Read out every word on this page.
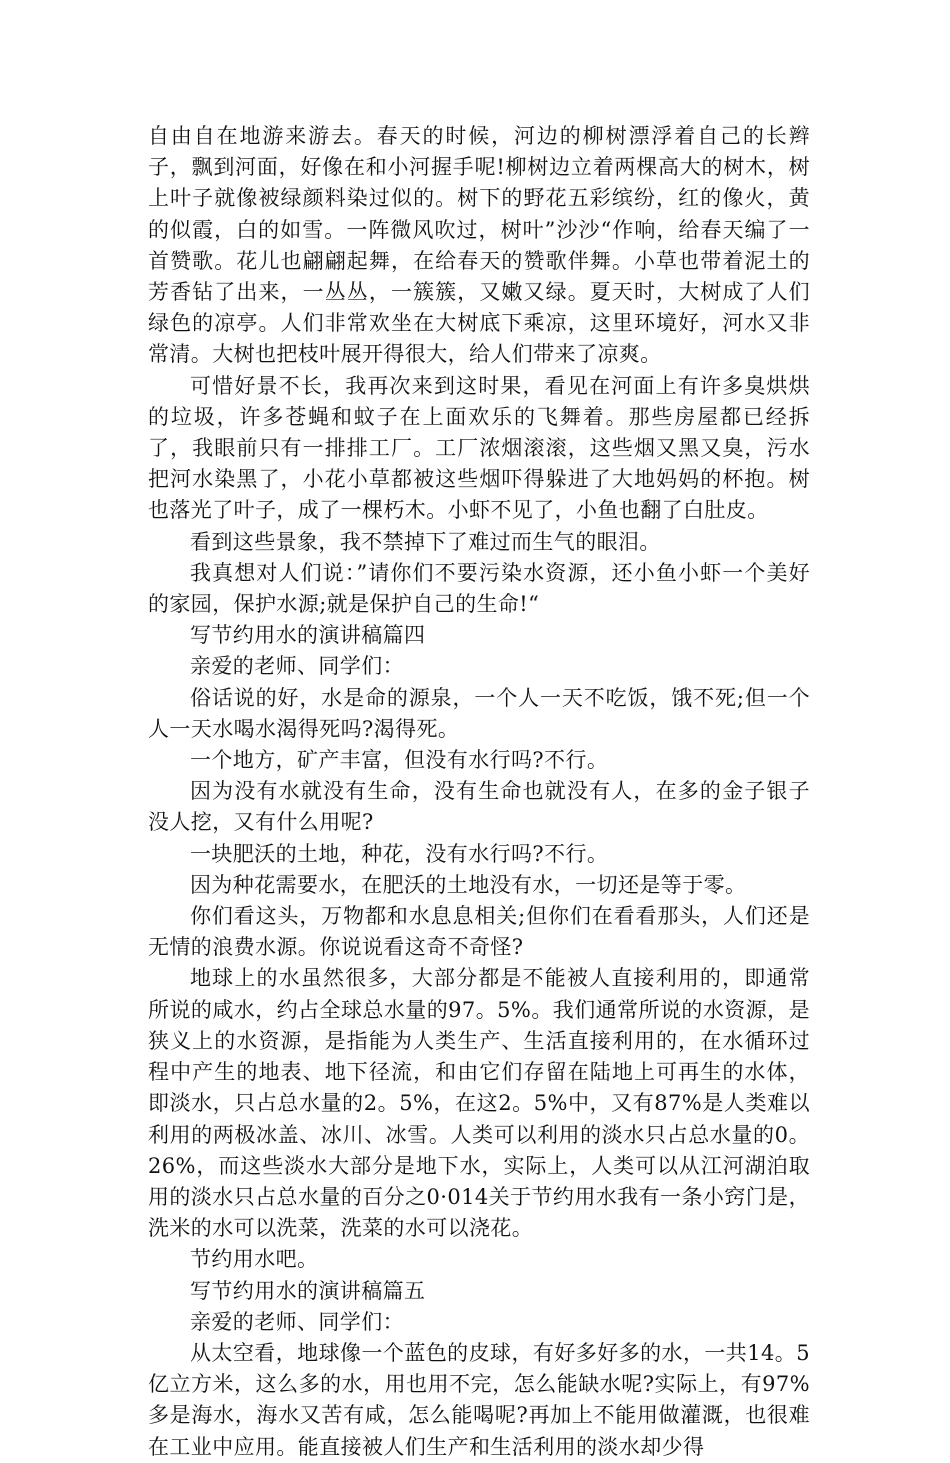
自由自在地游来游去。春天的时候，河边的柳树漂浮着自己的长辫子，飘到河面，好像在和小河握手呢!柳树边立着两棵高大的树木，树上叶子就像被绿颜料染过似的。树下的野花五彩缤纷，红的像火，黄的似霞，白的如雪。一阵微风吹过，树叶”沙沙“作响，给春天编了一首赞歌。花儿也翩翩起舞，在给春天的赞歌伴舞。小草也带着泥土的芳香钻了出来，一丛丛，一簇簇，又嫩又绿。夏天时，大树成了人们绿色的凉亭。人们非常欢坐在大树底下乘凉，这里环境好，河水又非常清。大树也把枝叶展开得很大，给人们带来了凉爽。

可惜好景不长，我再次来到这时果，看见在河面上有许多臭烘烘的垃圾，许多苍蝇和蚊子在上面欢乐的飞舞着。那些房屋都已经拆了，我眼前只有一排排工厂。工厂浓烟滚滚，这些烟又黑又臭，污水把河水染黑了，小花小草都被这些烟吓得躲进了大地妈妈的杯抱。树也落光了叶子，成了一棵朽木。小虾不见了，小鱼也翻了白肚皮。

看到这些景象，我不禁掉下了难过而生气的眼泪。

我真想对人们说：”请你们不要污染水资源，还小鱼小虾一个美好的家园，保护水源;就是保护自己的生命!“

写节约用水的演讲稿篇四

亲爱的老师、同学们：

俗话说的好，水是命的源泉，一个人一天不吃饭，饿不死;但一个人一天水喝水渴得死吗?渴得死。

一个地方，矿产丰富，但没有水行吗?不行。

因为没有水就没有生命，没有生命也就没有人，在多的金子银子没人挖，又有什么用呢?

一块肥沃的土地，种花，没有水行吗?不行。

因为种花需要水，在肥沃的土地没有水，一切还是等于零。

你们看这头，万物都和水息息相关;但你们在看看那头，人们还是无情的浪费水源。你说说看这奇不奇怪?

地球上的水虽然很多，大部分都是不能被人直接利用的，即通常所说的咸水，约占全球总水量的97。5%。我们通常所说的水资源，是狭义上的水资源，是指能为人类生产、生活直接利用的，在水循环过程中产生的地表、地下径流，和由它们存留在陆地上可再生的水体，即淡水，只占总水量的2。5%，在这2。5%中，又有87%是人类难以利用的两极冰盖、冰川、冰雪。人类可以利用的淡水只占总水量的0。26%，而这些淡水大部分是地下水，实际上，人类可以从江河湖泊取用的淡水只占总水量的百分之0·014关于节约用水我有一条小窍门是，洗米的水可以洗菜，洗菜的水可以浇花。

节约用水吧。

写节约用水的演讲稿篇五

亲爱的老师、同学们：

从太空看，地球像一个蓝色的皮球，有好多好多的水，一共14。5亿立方米，这么多的水，用也用不完，怎么能缺水呢?实际上，有97%多是海水，海水又苦有咸，怎么能喝呢?再加上不能用做灌溉，也很难在工业中应用。能直接被人们生产和生活利用的淡水却少得
